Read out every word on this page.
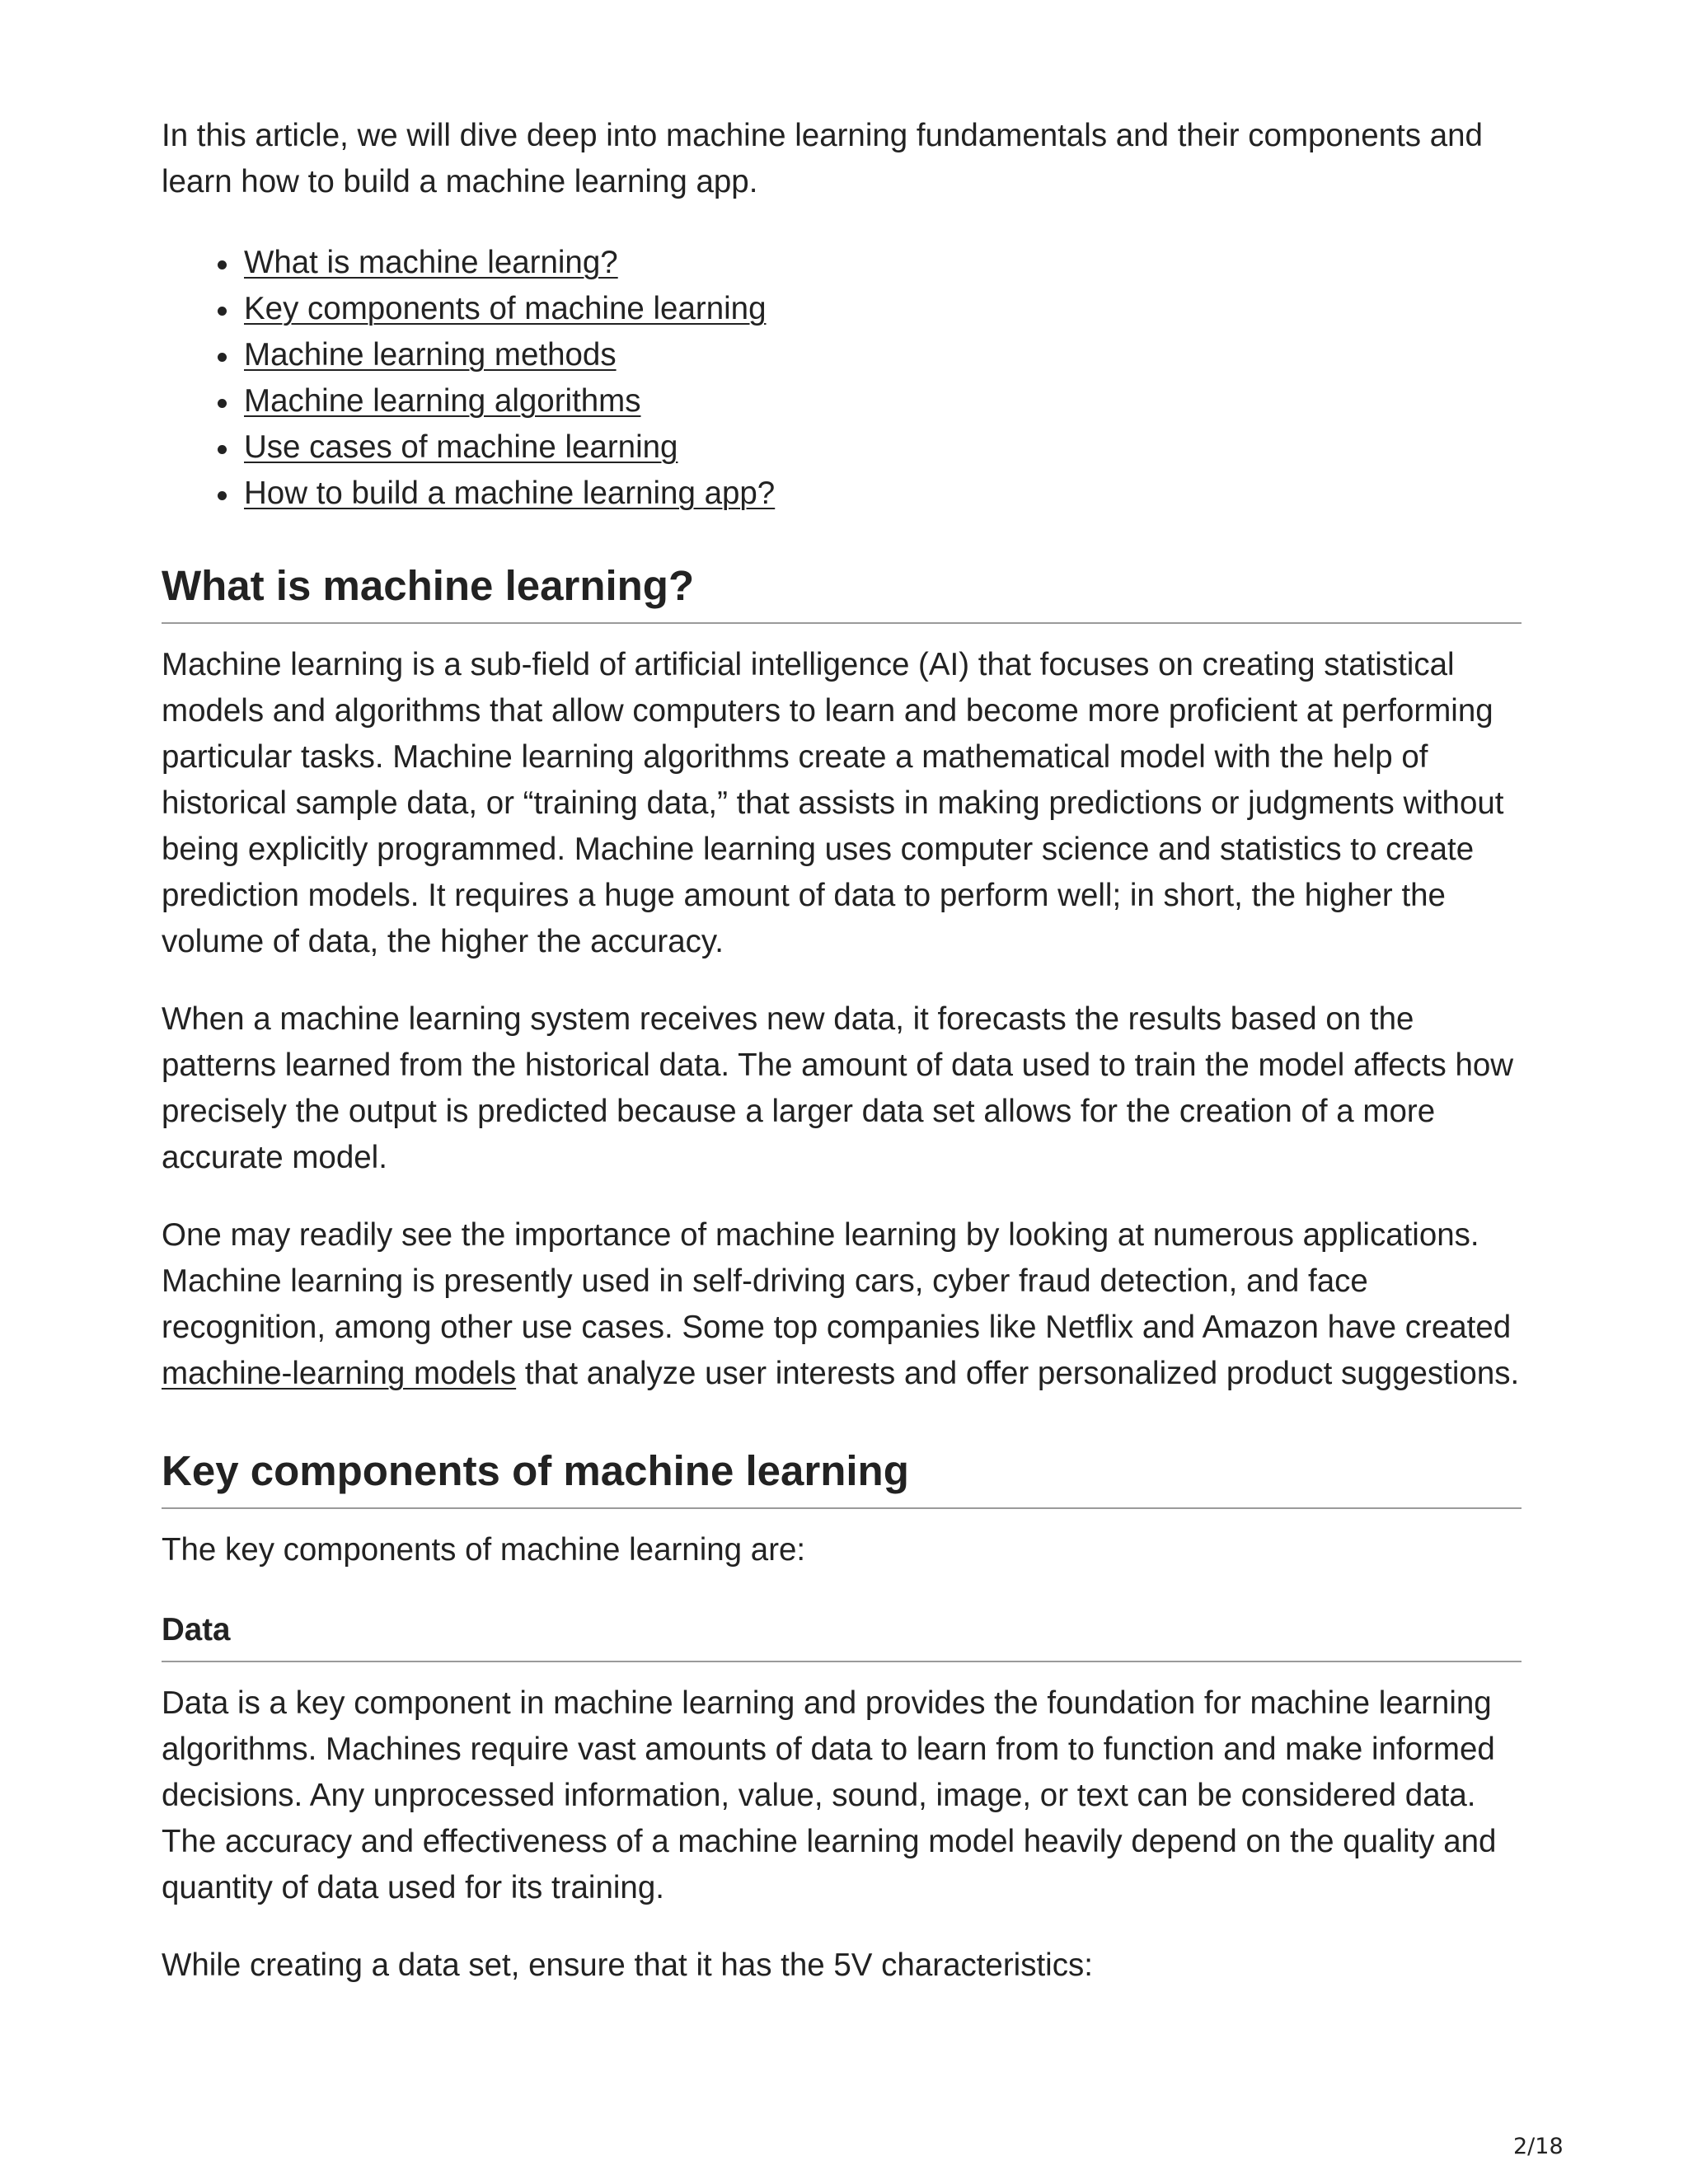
In this article, we will dive deep into machine learning fundamentals and their components and learn how to build a machine learning app.

What is machine learning?
Key components of machine learning
Machine learning methods
Machine learning algorithms
Use cases of machine learning
How to build a machine learning app?
What is machine learning?

Machine learning is a sub-field of artificial intelligence (AI) that focuses on creating statistical models and algorithms that allow computers to learn and become more proficient at performing particular tasks. Machine learning algorithms create a mathematical model with the help of historical sample data, or “training data,” that assists in making predictions or judgments without being explicitly programmed. Machine learning uses computer science and statistics to create prediction models. It requires a huge amount of data to perform well; in short, the higher the volume of data, the higher the accuracy.

When a machine learning system receives new data, it forecasts the results based on the patterns learned from the historical data. The amount of data used to train the model affects how precisely the output is predicted because a larger data set allows for the creation of a more accurate model.

One may readily see the importance of machine learning by looking at numerous applications. Machine learning is presently used in self-driving cars, cyber fraud detection, and face recognition, among other use cases. Some top companies like Netflix and Amazon have created machine-learning models that analyze user interests and offer personalized product suggestions.

Key components of machine learning

The key components of machine learning are:

Data

Data is a key component in machine learning and provides the foundation for machine learning algorithms. Machines require vast amounts of data to learn from to function and make informed decisions. Any unprocessed information, value, sound, image, or text can be considered data. The accuracy and effectiveness of a machine learning model heavily depend on the quality and quantity of data used for its training.

While creating a data set, ensure that it has the 5V characteristics:

2/18
